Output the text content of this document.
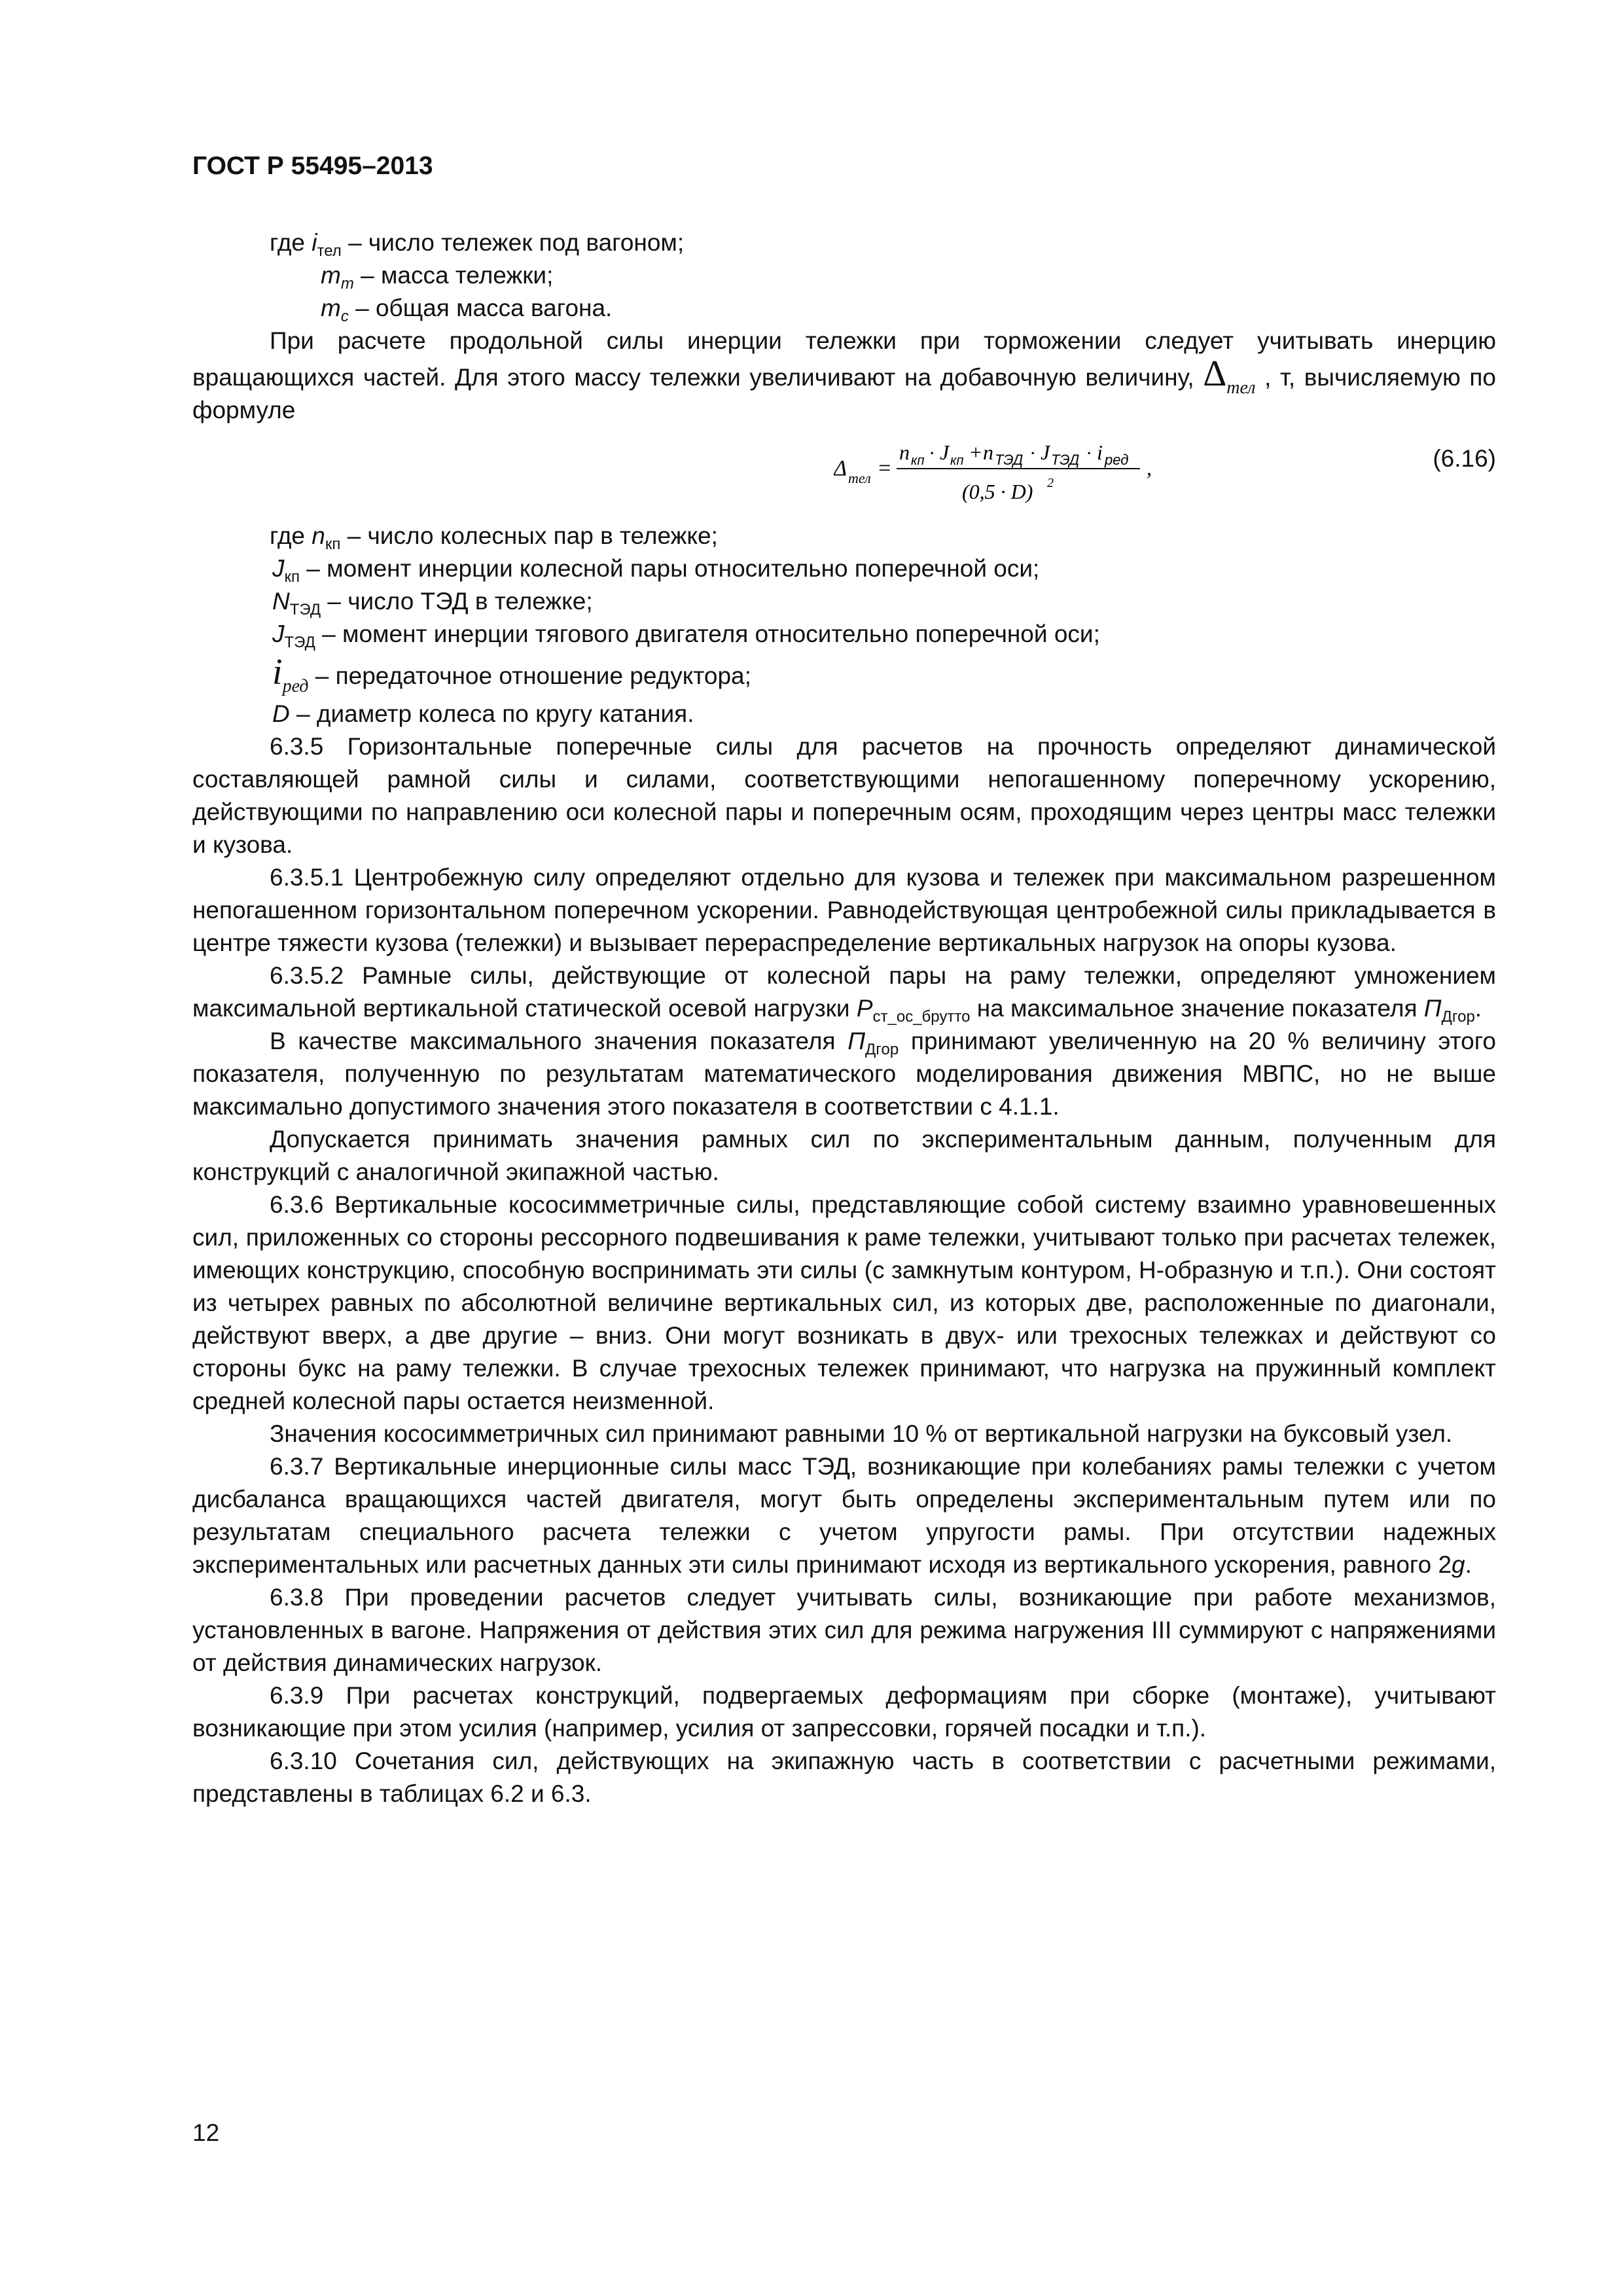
ГОСТ Р 55495–2013
где $i_{тел}$ – число тележек под вагоном;
$m_т$ – масса тележки;
$m_c$ – общая масса вагона.

При расчете продольной силы инерции тележки при торможении следует учитывать инерцию вращающихся частей. Для этого массу тележки увеличивают на добавочную величину, $\Delta_{тел}$ , т, вычисляемую по формуле

Δ тел =
n кп · J кп + n ТЭД · J ТЭД · i ред ,
(0,5 · D) 2
(6.16)
где $n_{кп}$ – число колесных пар в тележке;
$J_{кп}$ – момент инерции колесной пары относительно поперечной оси;
$N_{ТЭД}$ – число ТЭД в тележке;
$J_{ТЭД}$ – момент инерции тягового двигателя относительно поперечной оси;
$i_{ред}$ – передаточное отношение редуктора;
D – диаметр колеса по кругу катания.

6.3.5 Горизонтальные поперечные силы для расчетов на прочность определяют динамической составляющей рамной силы и силами, соответствующими непогашенному поперечному ускорению, действующими по направлению оси колесной пары и поперечным осям, проходящим через центры масс тележки и кузова.

6.3.5.1 Центробежную силу определяют отдельно для кузова и тележек при максимальном разрешенном непогашенном горизонтальном поперечном ускорении. Равнодействующая центробежной силы прикладывается в центре тяжести кузова (тележки) и вызывает перераспределение вертикальных нагрузок на опоры кузова.

6.3.5.2 Рамные силы, действующие от колесной пары на раму тележки, определяют умножением максимальной вертикальной статической осевой нагрузки $P_{ст\_ос\_брутто}$ на максимальное значение показателя $П_{Дгор}$.

В качестве максимального значения показателя $П_{Дгор}$ принимают увеличенную на 20 % величину этого показателя, полученную по результатам математического моделирования движения МВПС, но не выше максимально допустимого значения этого показателя в соответствии с 4.1.1.

Допускается принимать значения рамных сил по экспериментальным данным, полученным для конструкций с аналогичной экипажной частью.

6.3.6 Вертикальные кососимметричные силы, представляющие собой систему взаимно уравновешенных сил, приложенных со стороны рессорного подвешивания к раме тележки, учитывают только при расчетах тележек, имеющих конструкцию, способную воспринимать эти силы (с замкнутым контуром, Н-образную и т.п.). Они состоят из четырех равных по абсолютной величине вертикальных сил, из которых две, расположенные по диагонали, действуют вверх, а две другие – вниз. Они могут возникать в двух- или трехосных тележках и действуют со стороны букс на раму тележки. В случае трехосных тележек принимают, что нагрузка на пружинный комплект средней колесной пары остается неизменной.

Значения кососимметричных сил принимают равными 10 % от вертикальной нагрузки на буксовый узел.

6.3.7 Вертикальные инерционные силы масс ТЭД, возникающие при колебаниях рамы тележки с учетом дисбаланса вращающихся частей двигателя, могут быть определены экспериментальным путем или по результатам специального расчета тележки с учетом упругости рамы. При отсутствии надежных экспериментальных или расчетных данных эти силы принимают исходя из вертикального ускорения, равного 2g.

6.3.8 При проведении расчетов следует учитывать силы, возникающие при работе механизмов, установленных в вагоне. Напряжения от действия этих сил для режима нагружения III суммируют с напряжениями от действия динамических нагрузок.

6.3.9 При расчетах конструкций, подвергаемых деформациям при сборке (монтаже), учитывают возникающие при этом усилия (например, усилия от запрессовки, горячей посадки и т.п.).

6.3.10 Сочетания сил, действующих на экипажную часть в соответствии с расчетными режимами, представлены в таблицах 6.2 и 6.3.

12
